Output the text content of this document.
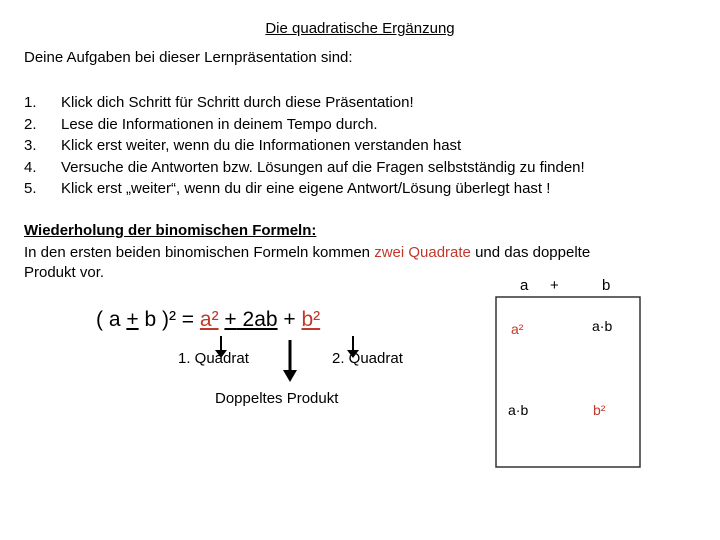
Die quadratische Ergänzung
Deine Aufgaben bei dieser Lernpräsentation sind:
1.	Klick dich Schritt für Schritt durch diese Präsentation!
2.	Lese die Informationen in deinem Tempo durch.
3.	Klick erst weiter, wenn du die Informationen verstanden hast
4.	Versuche die Antworten bzw. Lösungen auf die Fragen selbstständig zu finden!
5.	Klick erst „weiter“, wenn du dir eine eigene Antwort/Lösung überlegt hast !
Wiederholung der binomischen Formeln:
In den ersten beiden binomischen Formeln kommen zwei Quadrate und das doppelte
Produkt vor.
( a + b )² = a² + 2ab + b²
1. Quadrat	2. Quadrat
Doppeltes Produkt
a +	b
a²	a·b
a·b	b²
